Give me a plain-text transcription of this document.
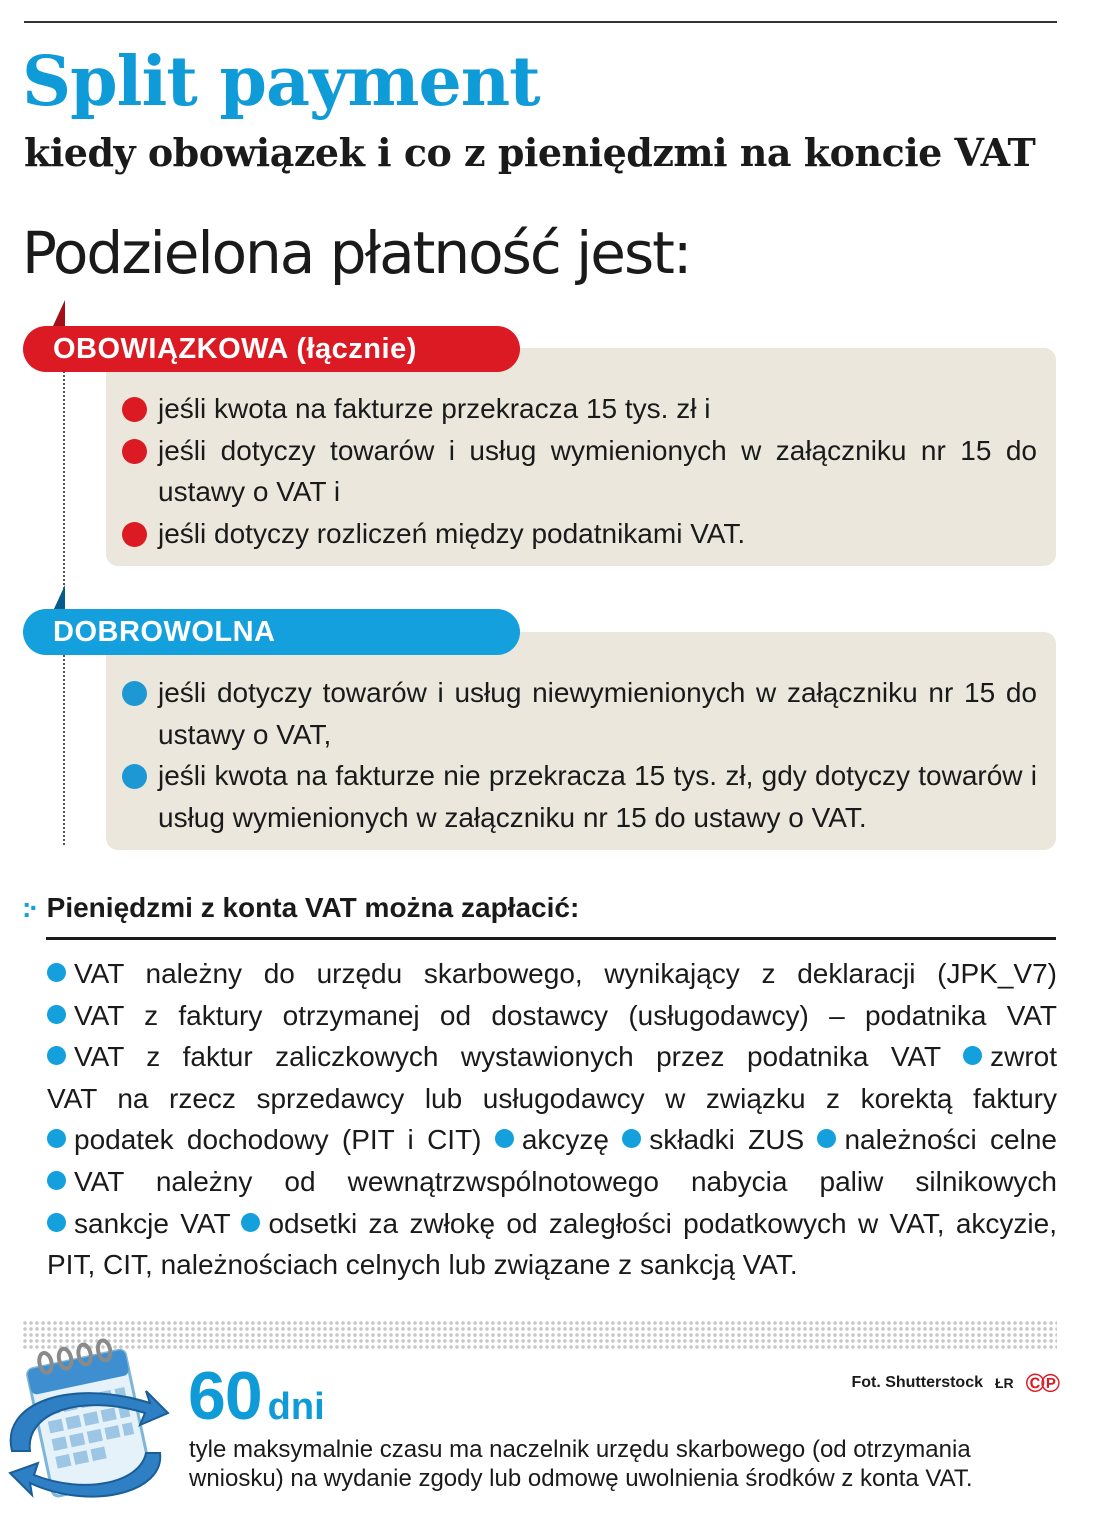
Split payment
kiedy obowiązek i co z pieniędzmi na koncie VAT
Podzielona płatność jest:
OBOWIĄZKOWA (łącznie)
jeśli kwota na fakturze przekracza 15 tys. zł i
jeśli dotyczy towarów i usług wymienionych w załączniku nr 15 do ustawy o VAT i
jeśli dotyczy rozliczeń między podatnikami VAT.
DOBROWOLNA
jeśli dotyczy towarów i usług niewymienionych w załączniku nr 15 do ustawy o VAT,
jeśli kwota na fakturze nie przekracza 15 tys. zł, gdy dotyczy towarów i usług wymienionych w załączniku nr 15 do ustawy o VAT.
:· Pieniędzmi z konta VAT można zapłacić:
VAT należny do urzędu skarbowego, wynikający z deklaracji (JPK_V7)
VAT z faktury otrzymanej od dostawcy (usługodawcy) – podatnika VAT
VAT z faktur zaliczkowych wystawionych przez podatnika VAT zwrot
VAT na rzecz sprzedawcy lub usługodawcy w związku z korektą faktury
podatek dochodowy (PIT i CIT) akcyzę składki ZUS należności celne
VAT należny od wewnątrzwspólnotowego nabycia paliw silnikowych
sankcje VAT odsetki za zwłokę od zaległości podatkowych w VAT, akcyzie,
PIT, CIT, należnościach celnych lub związane z sankcją VAT.
60 dni
Fot. Shutterstock ŁR ©℗

tyle maksymalnie czasu ma naczelnik urzędu skarbowego (od otrzymania wniosku) na wydanie zgody lub odmowę uwolnienia środków z konta VAT.
